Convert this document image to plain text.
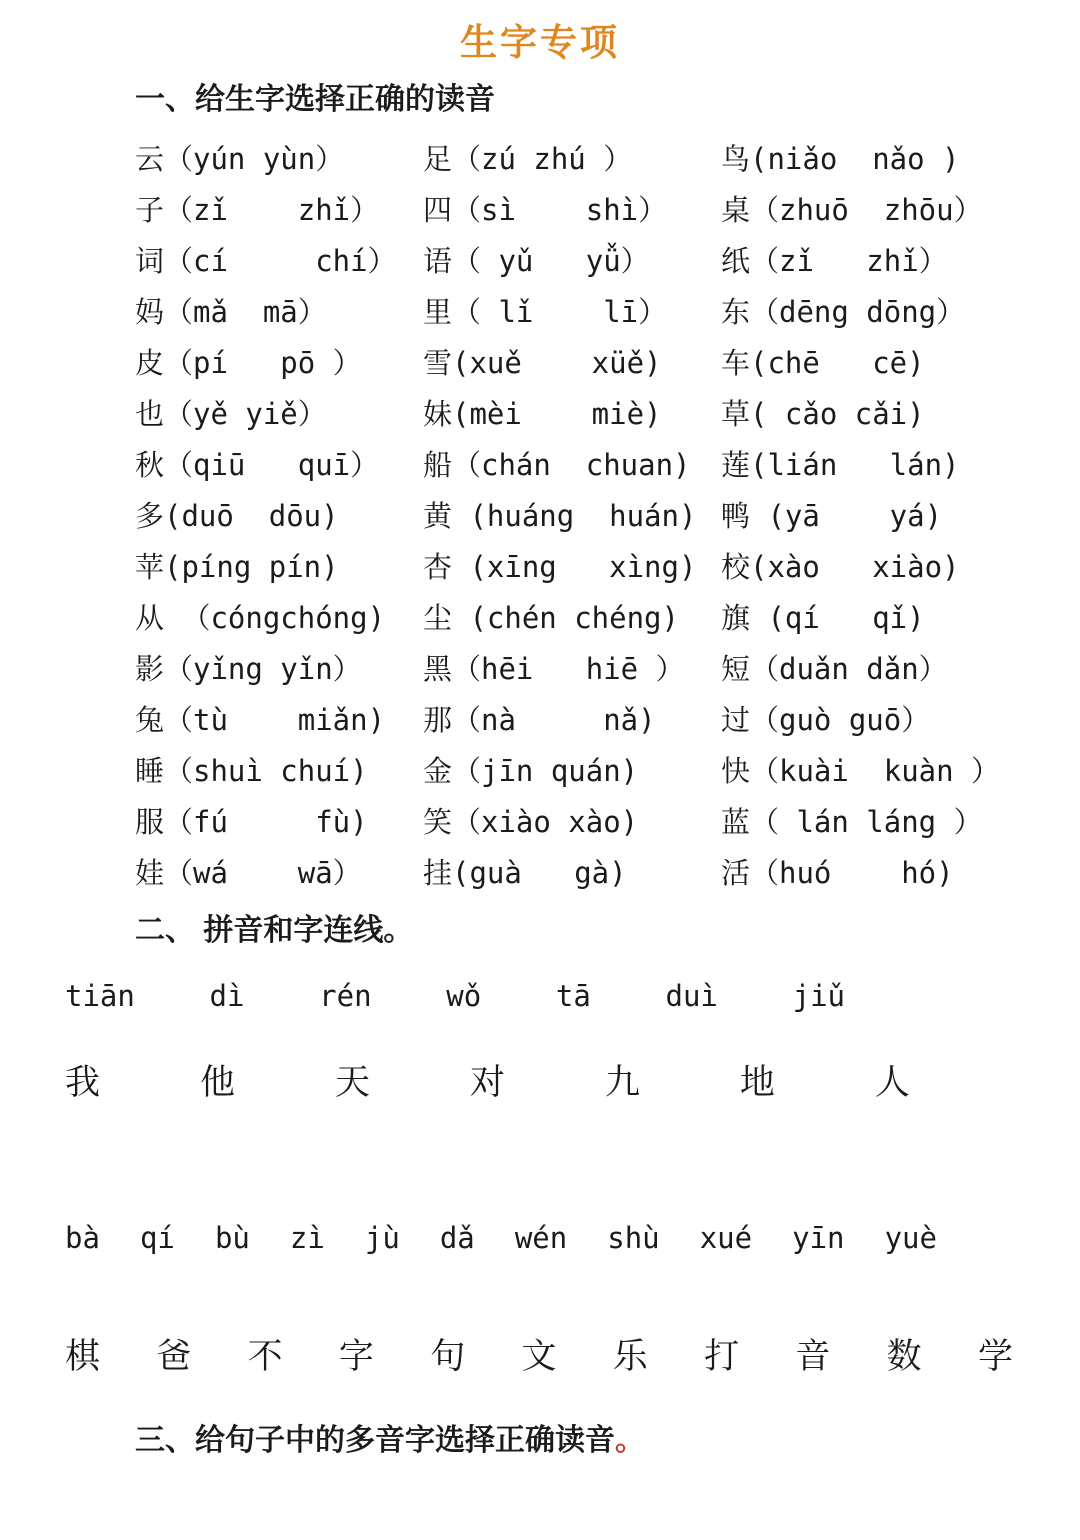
生字专项
一、给生字选择正确的读音
云（yún yùn）	足（zú zhú ）	鸟(niǎo  nǎo )
子（zǐ    zhǐ）	四（sì    shì）	桌（zhuō  zhōu）
词（cí     chí） 语（ yǔ   yǚ）	纸（zǐ   zhǐ）
妈（mǎ  mā）	里（ lǐ    lī）	东（dēng dōng）
皮（pí   pō ）	雪(xuě    xüě)	车(chē   cē)
也（yě yiě）	妹(mèi    miè)	草( cǎo cǎi)
秋（qiū   quī）	船（chán  chuan)	莲(lián   lán)
多(duō  dōu)	黄 (huáng  huán) 鸭 (yā    yá)
苹(píng pín)	杏 (xīng   xìng) 校(xào   xiào)
从 （cóngchóng)	尘 (chén chéng)	旗 (qí   qǐ)
影（yǐng yǐn）	黑（hēi   hiē ）	短（duǎn dǎn）
兔（tù    miǎn)	那（nà     nǎ)	过（guò guō）
睡（shuì chuí)	金（jīn quán)	快（kuài  kuàn ）
服（fú     fù)	笑（xiào xào)	蓝（ lán láng ）
娃（wá    wā）	挂(guà   gà)	活（huó    hó)
二、 拼音和字连线。
tiān	dì	rén	wǒ	tā	duì	jiǔ
我	他	天	对	九	地	人
bà qí bù zì jù dǎ wén shù xué yīn yuè
棋 爸 不 字 句 文 乐 打 音 数 学
三、给句子中的多音字选择正确读音。
